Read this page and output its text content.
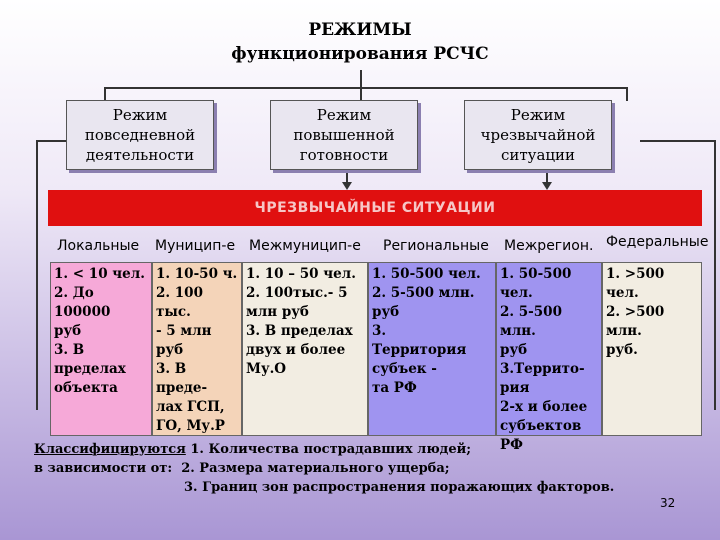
РЕЖИМЫ
функционирования РСЧС
Режим
повседневной
деятельности
Режим
повышенной
готовности
Режим
чрезвычайной
ситуации
ЧРЕЗВЫЧАЙНЫЕ СИТУАЦИИ
Локальные Муницип-е Межмуницип-е Региональные Межрегион. Федеральные
1. < 10 чел.
2. До 100000
руб
3. В пределах
объекта
1. 10-50 ч.
2. 100 тыс.
- 5 млн руб
3. В преде-
лах ГСП,
ГО, Му.Р
1. 10 – 50 чел.
2. 100тыс.- 5
млн руб
3. В пределах
двух и более
Му.О
1. 50-500 чел.
2. 5-500 млн.
руб
3.
Территория
субъек -
та РФ
1. 50-500 чел.
2. 5-500 млн.
руб
3.Террито-
рия
2-х и более
субъектов
РФ
1. >500 чел.
2. >500 млн.
руб.
Классифицируются 1. Количества пострадавших людей;
в зависимости от: 2. Размера материального ущерба;
3. Границ зон распространения поражающих факторов.
32
